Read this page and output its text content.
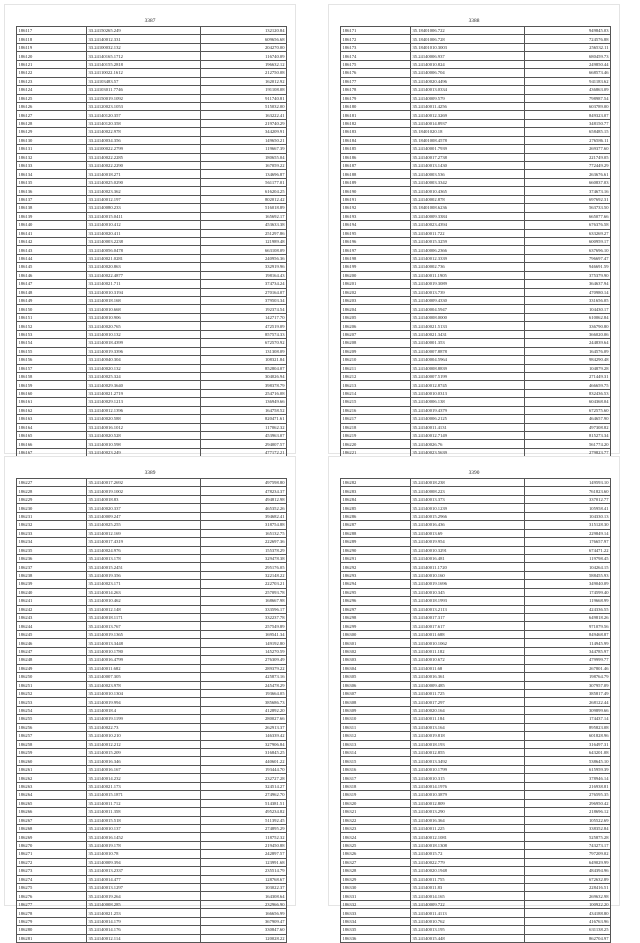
3387
186117	33.24150265.249	132120.84
186118	33.24140012.331	609656.68
186119	33.24100032.132	204270.00
186120	33.24140165.1712	116740.09
186121	33.24140155.2818	196632.12
186122	33.24110022.1612	212750.08
186123	33.24103483.57	162012.92
186124	33.24103011.7746	191108.08
186125	33.24150019.1092	911740.81
186126	33.24120023.1053	515032.00
186127	33.24140120.357	163222.41
186128	33.24140120.358	219740.29
186129	33.24140022.978	344209.91
186130	33.24140034.356	149650.21
186131	33.24100022.2799	119667.39
186132	33.24140022.2285	180655.04
186133	33.24140022.2290	167059.22
186134	33.24140018.271	134696.87
186135	33.24140025.0290	561177.01
186136	33.24140023.362	616204.25
186137	33.24140012.197	802012.42
186138	33.24140080.233	516018.89
186139	33.24140015.0411	165692.17
186140	33.24140010.412	453633.38
186141	33.24140020.411	251297.86
186142	33.24140003.2238	121989.48
186143	33.24140056.0478	663108.09
186144	33.24140021.0281	240956.36
186145	33.24140020.863	332919.96
186146	33.24140022.4877	198164.43
186147	33.24140021.711	374734.24
186148	33.24140010.3194	270164.07
186149	33.24140018.168	379503.34
186150	33.24140010.668	192374.54
186151	33.24140010.906	142717.70
186152	33.24140020.765	472519.09
186153	33.24140010.132	857574.33
186154	33.24140018.4399	672570.92
186155	33.24140019.3396	131308.09
186156	33.24140040.304	108321.84
186157	33.24140020.132	852804.07
186158	33.24140025.324	304026.94
186159	33.24140029.3640	398378.79
186160	33.24140021.2719	254716.08
186161	33.24140029.1213	136949.66
186162	33.24140012.1396	164758.52
186163	33.24140020.588	820471.61
186164	33.24140016.1012	117062.32
186165	33.24140020.528	453963.07
186166	33.24140010.598	294007.57
186167	33.24140023.249	477172.21

3388
186171	35.18401006.722	949845.03
186172	35.18401006.728	724576.88
186173	35.18401010.3003	256532.11
186174	35.24140006.937	680459.73
186175	35.24140010.824	249850.44
186176	35.24140006.704	668573.46
186177	35.24140020.4496	941183.62
186178	35.24140013.0334	436863.09
186179	35.24140009.579	798987.54
186180	35.24140011.4256	603789.00
186181	35.24140012.3269	849323.07
186182	35.24140014.8937	348150.77
186183	35.18401020.18	658485.15
186184	35.18401008.4578	276586.11
186185	35.24140001.7939	269377.60
186186	35.24140017.2738	221749.05
186187	35.24140013.1430	772449.29
186188	35.24140003.536	263676.61
186189	35.24140003.3342	660837.03
186190	35.24140010.4365	374673.16
186191	35.24140002.878	697692.31
186192	35.18401008.6236	563733.50
186193	35.24140009.3384	665077.66
186194	35.24140023.4394	676376.58
186195	35.24140011.722	633269.27
186196	35.24140015.3259	600959.17
186197	35.24140006.2366	637696.10
186198	35.24140012.3339	796697.47
186199	35.24140002.736	946691.59
186200	35.24140011.1905	375379.90
186201	35.24140019.3089	364637.94
186202	35.24140013.739	470980.14
186203	35.24140009.4330	331656.05
186204	35.24140004.5947	104430.17
186205	35.24140008.0000	610062.84
186206	35.24140021.5133	336790.80
186207	35.24140021.3431	366020.06
186208	35.24140001.353	244839.64
186209	35.24140007.8878	164576.09
186210	35.24140004.5964	984290.48
186211	35.24140008.8839	104879.28
186212	35.24140007.5199	271449.31
186213	35.24140012.8745	466659.75
186214	35.24140010.0313	832436.53
186215	35.24140006.138	604368.04
186216	35.24140019.4379	672575.60
186217	35.24140006.2125	464657.90
186218	35.24140011.4131	497308.82
186219	35.24140012.7149	815273.34
186220	35.24140026.76	561774.20
186221	35.24140023.5639	279823.77

3389
186227	35.24140017.2692	497598.80
186228	35.24140019.1002	478234.37
186229	35.24140018.83	494812.98
186230	35.24140020.337	465352.26
186231	35.24140009.247	394682.41
186232	35.24140025.255	318754.88
186233	35.24140012.169	165132.75
186234	35.24140017.4319	222697.36
186235	35.24140024.976	155378.29
186236	35.24140013.178	329478.38
186237	35.24140015.2451	295176.05
186238	35.24140019.356	322148.22
186239	35.24140023.171	222703.21
186240	35.24140014.263	257093.78
186241	35.24140010.462	168667.98
186242	35.24140012.148	333596.17
186243	35.24140018.1171	332237.78
186244	35.24140013.767	257549.89
186245	35.24140019.1365	169541.34
186246	35.24140013.3448	149192.80
186247	35.24140010.1780	145270.59
186248	35.24140016.4799	276309.49
186249	35.24140011.682	289379.22
186250	35.24140007.305	425873.16
186251	35.24140023.978	245478.29
186252	35.24140010.1304	193664.05
186253	35.24140019.994	385686.73
186254	35.24140018.4	412892.20
186255	35.24140019.1199	280027.66
186256	35.24140022.73	262913.37
186257	35.24140010.210	146339.42
186258	35.24140012.212	327906.84
186259	35.24140015.209	316845.25
186260	35.24140016.346	440601.22
186261	35.24140016.167	193444.70
186262	35.24140014.232	232727.28
186263	35.24140021.173	324514.27
186264	35.24140015.1871	274962.70
186265	35.24140011.712	514381.51
186266	35.24140011.358	495234.82
186267	35.24140015.518	511392.45
186268	35.24140010.137	274895.29
186269	35.24140016.1452	118752.32
186270	35.24140019.178	219450.88
186271	35.24140010.78	242897.57
186272	35.24140009.394	123991.68
186273	35.24140013.2337	235514.79
186274	35.24140014.477	128768.67
186275	35.24140013.1297	103022.37
186276	35.24140019.264	164308.64
186277	35.24140008.285	232966.90
186278	35.24140021.253	166656.99
186279	35.24140014.179	367909.47
186280	35.24140014.176	330847.60
186281	35.24140012.114	120028.22
3390
186282	35.24140018.238	149593.10
186283	35.24140008.223	761823.60
186284	35.24140013.373	337012.77
186285	35.24140010.1239	105958.41
186286	35.24140015.2966	104330.13
186287	35.24140016.436	315128.30
186288	35.24140013.69	229849.14
186289	35.24140019.954	176657.97
186290	35.24140010.3291	674471.22
186291	35.24140016.481	119798.45
186292	35.24140011.1720	104264.15
186293	35.24140010.160	588455.93
186294	35.24140019.1696	349040.09
186295	35.24140010.345	174599.40
186296	35.24140018.1993	119668.99
186297	35.24140013.2113	424336.55
186298	35.24140017.317	649818.26
186299	35.24140017.617	971079.56
186300	35.24140011.688	849468.87
186301	35.24140010.1062	114945.99
186302	35.24140011.182	344785.97
186303	35.24140010.672	479999.77
186304	35.24140011.68	267801.46
186305	35.24140016.361	198764.79
186306	35.24140009.485	307957.09
186307	35.24140011.725	385817.49
186308	35.24140017.297	268122.44
186309	35.24140020.164	309899.66
186310	35.24140011.184	174437.14
186311	35.24140013.164	895823.08
186312	35.24140019.818	601828.96
186313	35.24140018.193	316497.31
186314	35.24140012.855	643201.08
186315	35.24140013.3492	538645.10
186316	35.24140010.1799	615959.39
186317	35.24140010.315	378946.14
186318	35.24140014.1976	216938.81
186319	35.24140010.3879	276595.35
186320	35.24140012.809	296950.42
186321	35.24140013.290	218696.12
186322	35.24140016.364	105522.69
186323	35.24140011.225	338352.84
186324	35.24140012.1081	525875.28
186325	35.24140018.1308	743273.17
186326	35.24140015.72	797209.02
186327	35.24140022.779	649029.99
186328	35.24140020.1948	484394.96
186329	35.24140011.755	672632.89
186330	35.24140011.83	228416.51
186331	35.24140014.165	269632.98
186332	35.24140009.722	100922.20
186333	35.24140011.4113	434188.80
186334	35.24140010.762	416763.96
186335	35.24140013.195	631138.25
186336	35.24140015.448	862704.97
